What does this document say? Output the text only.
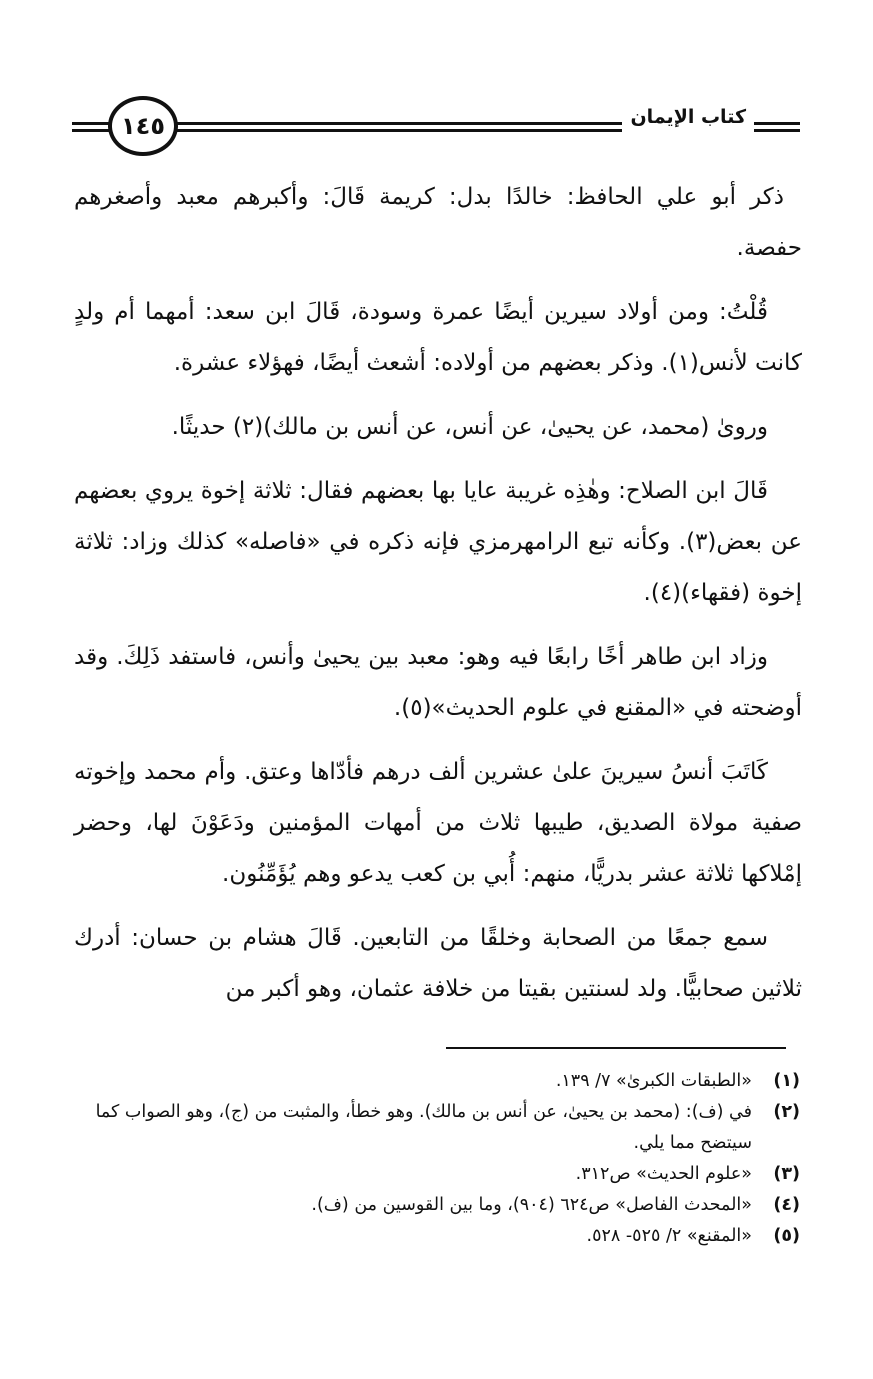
كتاب الإيمان
١٤٥

ذكر أبو علي الحافظ: خالدًا بدل: كريمة قَالَ: وأكبرهم معبد وأصغرهم حفصة.

قُلْتُ: ومن أولاد سيرين أيضًا عمرة وسودة، قَالَ ابن سعد: أمهما أم ولدٍ كانت لأنس(١). وذكر بعضهم من أولاده: أشعث أيضًا، فهؤلاء عشرة.

ورویٰ (محمد، عن يحيیٰ، عن أنس، عن أنس بن مالك)(٢) حديثًا.

قَالَ ابن الصلاح: وهٰذِه غريبة عايا بها بعضهم فقال: ثلاثة إخوة يروي بعضهم عن بعض(٣). وكأنه تبع الرامهرمزي فإنه ذكره في «فاصله» كذلك وزاد: ثلاثة إخوة (فقهاء)(٤).

وزاد ابن طاهر أخًا رابعًا فيه وهو: معبد بين يحيیٰ وأنس، فاستفد ذَلِكَ. وقد أوضحته في «المقنع في علوم الحديث»(٥).

كَاتَبَ أنسُ سيرينَ علىٰ عشرين ألف درهم فأدّاها وعتق. وأم محمد وإخوته صفية مولاة الصديق، طيبها ثلاث من أمهات المؤمنين ودَعَوْنَ لها، وحضر إمْلاكها ثلاثة عشر بدريًّا، منهم: أُبي بن كعب يدعو وهم يُؤَمِّنُون.

سمع جمعًا من الصحابة وخلقًا من التابعين. قَالَ هشام بن حسان: أدرك ثلاثين صحابيًّا. ولد لسنتين بقيتا من خلافة عثمان، وهو أكبر من

(١)
«الطبقات الكبرىٰ» ٧/ ١٣٩.
(٢)
في (ف): (محمد بن يحيیٰ، عن أنس بن مالك). وهو خطأ، والمثبت من (ج)، وهو الصواب كما سيتضح مما يلي.
(٣)
«علوم الحديث» ص٣١٢.
(٤)
«المحدث الفاصل» ص٦٢٤ (٩٠٤)، وما بين القوسين من (ف).
(٥)
«المقنع» ٢/ ٥٢٥- ٥٢٨.
